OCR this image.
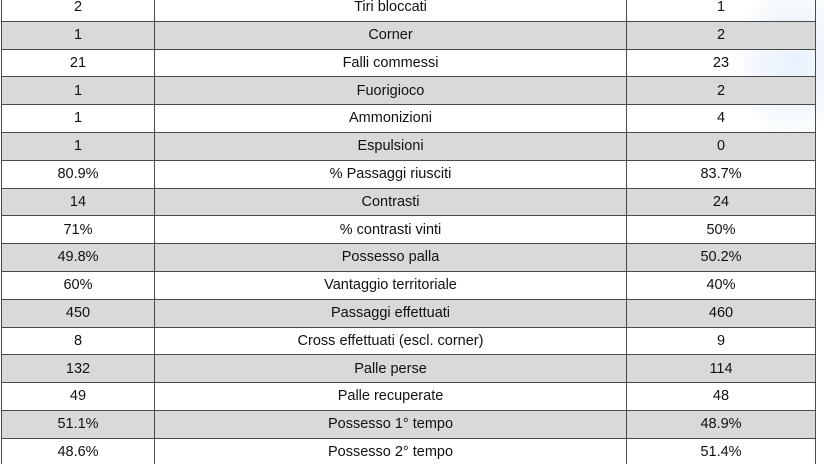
2	Tiri bloccati	1
1	Corner	2
21	Falli commessi	23
1	Fuorigioco	2
1	Ammonizioni	4
1	Espulsioni	0
80.9%	% Passaggi riusciti	83.7%
14	Contrasti	24
71%	% contrasti vinti	50%
49.8%	Possesso palla	50.2%
60%	Vantaggio territoriale	40%
450	Passaggi effettuati	460
8	Cross effettuati (escl. corner)	9
132	Palle perse	114
49	Palle recuperate	48
51.1%	Possesso 1° tempo	48.9%
48.6%	Possesso 2° tempo	51.4%
